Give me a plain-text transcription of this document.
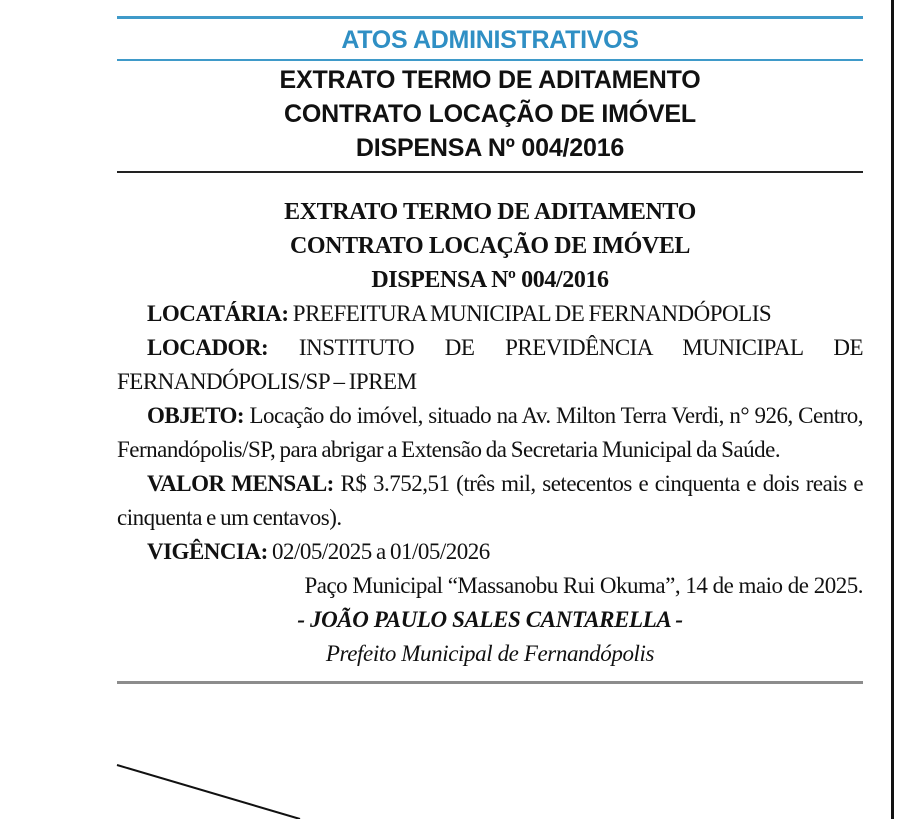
ATOS ADMINISTRATIVOS
EXTRATO TERMO DE ADITAMENTO
CONTRATO LOCAÇÃO DE IMÓVEL
DISPENSA Nº 004/2016
EXTRATO TERMO DE ADITAMENTO
CONTRATO LOCAÇÃO DE IMÓVEL
DISPENSA Nº 004/2016

LOCATÁRIA: PREFEITURA MUNICIPAL DE FERNANDÓPOLIS

LOCADOR: INSTITUTO DE PREVIDÊNCIA MUNICIPAL DE FERNANDÓPOLIS/SP – IPREM

OBJETO: Locação do imóvel, situado na Av. Milton Terra Verdi, n° 926, Centro, Fernandópolis/SP, para abrigar a Extensão da Secretaria Municipal da Saúde.

VALOR MENSAL: R$ 3.752,51 (três mil, setecentos e cinquenta e dois reais e cinquenta e um centavos).

VIGÊNCIA: 02/05/2025 a 01/05/2026

Paço Municipal “Massanobu Rui Okuma”, 14 de maio de 2025.

- JOÃO PAULO SALES CANTARELLA -

Prefeito Municipal de Fernandópolis
